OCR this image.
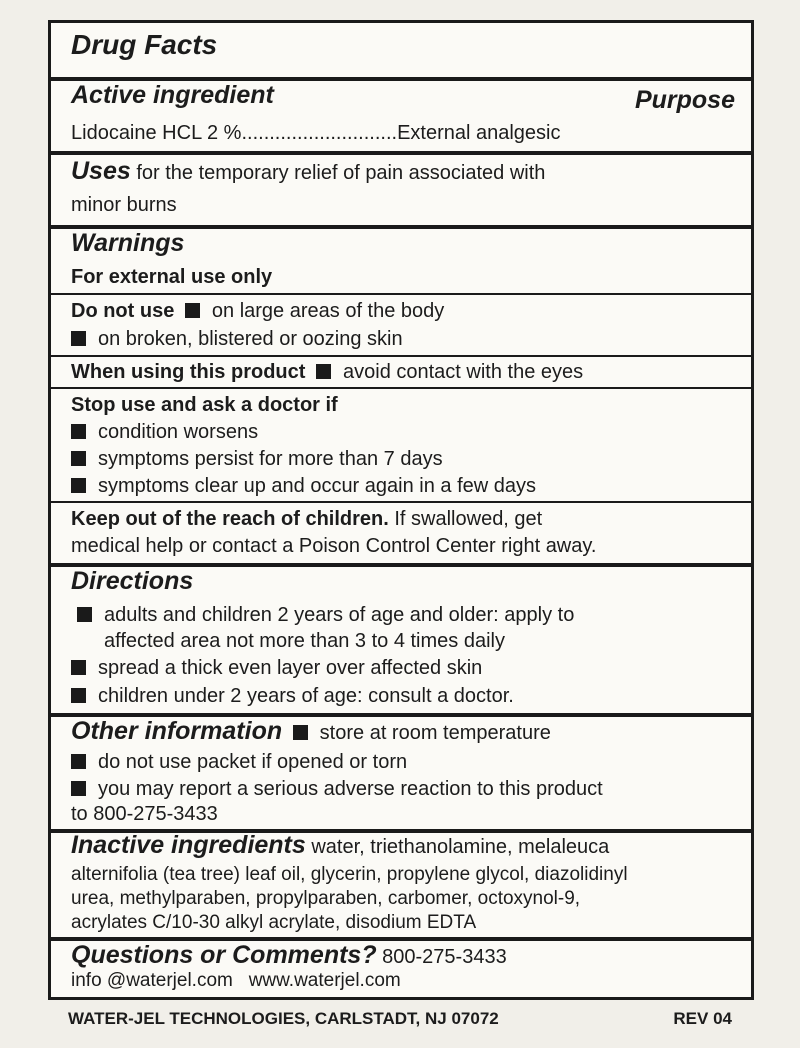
Drug Facts
Active ingredient	Purpose
Lidocaine HCL 2 %............................External analgesic
Uses for the temporary relief of pain associated with
minor burns
Warnings
For external use only
Do not use on large areas of the body
on broken, blistered or oozing skin
When using this product avoid contact with the eyes
Stop use and ask a doctor if
condition worsens
symptoms persist for more than 7 days
symptoms clear up and occur again in a few days
Keep out of the reach of children. If swallowed, get
medical help or contact a Poison Control Center right away.
Directions
adults and children 2 years of age and older: apply to
affected area not more than 3 to 4 times daily
spread a thick even layer over affected skin
children under 2 years of age: consult a doctor.
Other information store at room temperature
do not use packet if opened or torn
you may report a serious adverse reaction to this product
to 800-275-3433
Inactive ingredients water, triethanolamine, melaleuca
alternifolia (tea tree) leaf oil, glycerin, propylene glycol, diazolidinyl
urea, methylparaben, propylparaben, carbomer, octoxynol-9,
acrylates C/10-30 alkyl acrylate, disodium EDTA
Questions or Comments? 800-275-3433
info @waterjel.com www.waterjel.com
WATER-JEL TECHNOLOGIES, CARLSTADT, NJ 07072	REV 04
